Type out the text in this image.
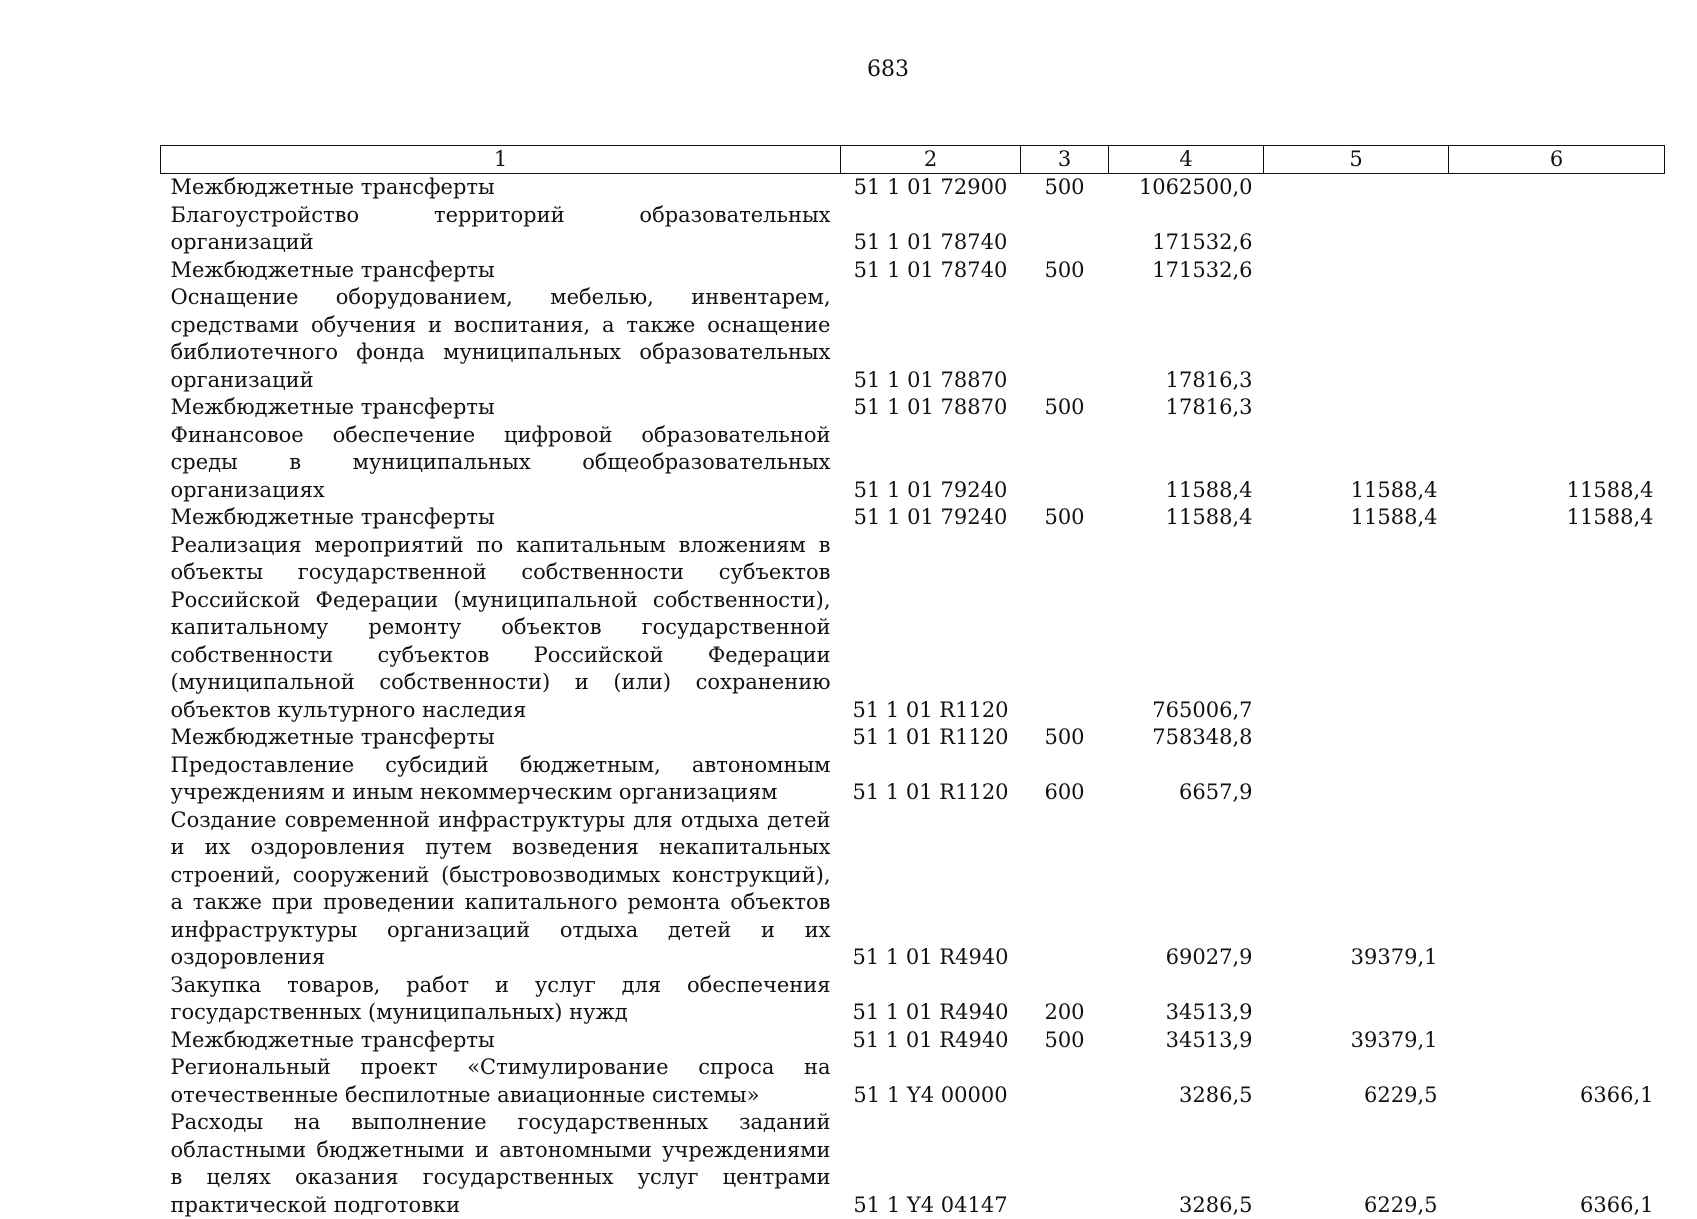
683
1	2	3	4	5	6
Межбюджетные трансферты	51 1 01 72900	500	1062500,0		
Благоустройство территорий образовательных организаций	51 1 01 78740		171532,6		
Межбюджетные трансферты	51 1 01 78740	500	171532,6		
Оснащение оборудованием, мебелью, инвентарем, средствами обучения и воспитания, а также оснащение библиотечного фонда муниципальных образовательных организаций	51 1 01 78870		17816,3		
Межбюджетные трансферты	51 1 01 78870	500	17816,3		
Финансовое обеспечение цифровой образовательной среды в муниципальных общеобразовательных организациях	51 1 01 79240		11588,4	11588,4	11588,4
Межбюджетные трансферты	51 1 01 79240	500	11588,4	11588,4	11588,4
Реализация мероприятий по капитальным вложениям в объекты государственной собственности субъектов Российской Федерации (муниципальной собственности), капитальному ремонту объектов государственной собственности субъектов Российской Федерации (муниципальной собственности) и (или) сохранению объектов культурного наследия	51 1 01 R1120		765006,7		
Межбюджетные трансферты	51 1 01 R1120	500	758348,8		
Предоставление субсидий бюджетным, автономным учреждениям и иным некоммерческим организациям	51 1 01 R1120	600	6657,9		
Создание современной инфраструктуры для отдыха детей и их оздоровления путем возведения некапитальных строений, сооружений (быстровозводимых конструкций), а также при проведении капитального ремонта объектов инфраструктуры организаций отдыха детей и их оздоровления	51 1 01 R4940		69027,9	39379,1	
Закупка товаров, работ и услуг для обеспечения государственных (муниципальных) нужд	51 1 01 R4940	200	34513,9		
Межбюджетные трансферты	51 1 01 R4940	500	34513,9	39379,1	
Региональный проект «Стимулирование спроса на отечественные беспилотные авиационные системы»	51 1 Y4 00000		3286,5	6229,5	6366,1
Расходы на выполнение государственных заданий областными бюджетными и автономными учреждениями в целях оказания государственных услуг центрами практической подготовки	51 1 Y4 04147		3286,5	6229,5	6366,1
